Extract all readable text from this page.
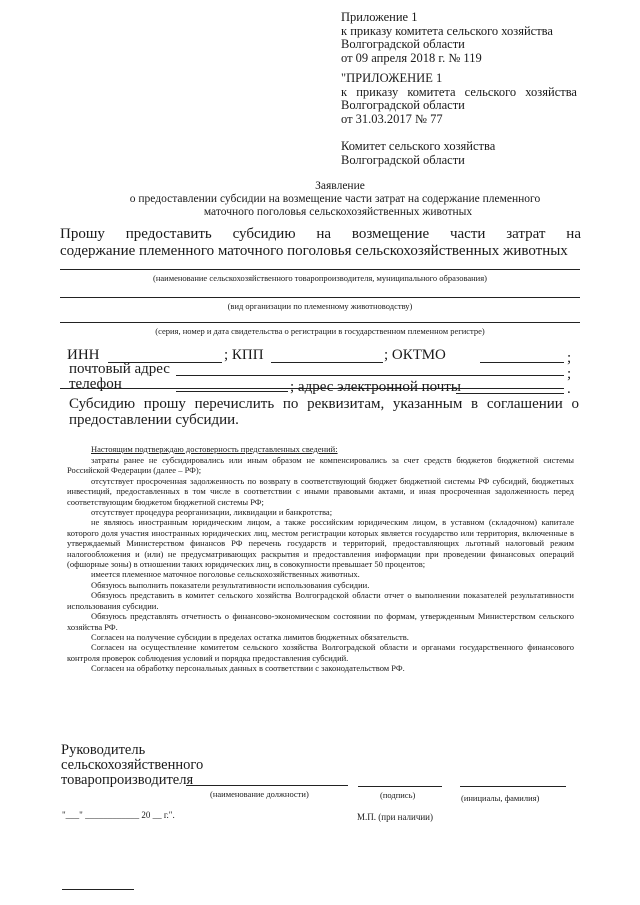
Приложение 1
к приказу комитета сельского хозяйства
Волгоградской области
от 09 апреля 2018 г. № 119
"ПРИЛОЖЕНИЕ 1
к приказу комитета сельского хозяйства
Волгоградской области
от 31.03.2017 № 77
Комитет сельского хозяйства
Волгоградской области
Заявление
о предоставлении субсидии на возмещение части затрат на содержание племенного
маточного поголовья сельскохозяйственных животных
Прошу предоставить субсидию на возмещение части затрат на
содержание племенного маточного поголовья сельскохозяйственных животных
(наименование сельскохозяйственного товаропроизводителя, муниципального образования)
(вид организации по племенному животноводству)
(серия, номер и дата свидетельства о регистрации в государственном племенном регистре)
ИНН	; КПП	; ОКТМО	;
почтовый адрес	;
телефон	; адрес электронной почты	.
Субсидию прошу перечислить по реквизитам, указанным в соглашении о
предоставлении субсидии.
Настоящим подтверждаю достоверность представленных сведений:
затраты ранее не субсидировались или иным образом не компенсировались за счет средств бюджетов бюджетной системы Российской Федерации (далее – РФ);
отсутствует просроченная задолженность по возврату в соответствующий бюджет бюджетной системы РФ субсидий, бюджетных инвестиций, предоставленных в том числе в соответствии с иными правовыми актами, и иная просроченная задолженность перед соответствующим бюджетом бюджетной системы РФ;
отсутствует процедура реорганизации, ликвидации и банкротства;
не являюсь иностранным юридическим лицом, а также российским юридическим лицом, в уставном (складочном) капитале которого доля участия иностранных юридических лиц, местом регистрации которых является государство или территория, включенные в утверждаемый Министерством финансов РФ перечень государств и территорий, предоставляющих льготный налоговый режим налогообложения и (или) не предусматривающих раскрытия и предоставления информации при проведении финансовых операций (офшорные зоны) в отношении таких юридических лиц, в совокупности превышает 50 процентов;
имеется племенное маточное поголовье сельскохозяйственных животных.
Обязуюсь выполнить показатели результативности использования субсидии.
Обязуюсь представить в комитет сельского хозяйства Волгоградской области отчет о выполнении показателей результативности использования субсидии.
Обязуюсь представлять отчетность о финансово-экономическом состоянии по формам, утвержденным Министерством сельского хозяйства РФ.
Согласен на получение субсидии в пределах остатка лимитов бюджетных обязательств.
Согласен на осуществление комитетом сельского хозяйства Волгоградской области и органами государственного финансового контроля проверок соблюдения условий и порядка предоставления субсидий.
Согласен на обработку персональных данных в соответствии с законодательством РФ.
Руководитель
сельскохозяйственного
товаропроизводителя
(наименование должности)	(подпись)	(инициалы, фамилия)
"___" ____________ 20 __ г.".	М.П. (при наличии)
